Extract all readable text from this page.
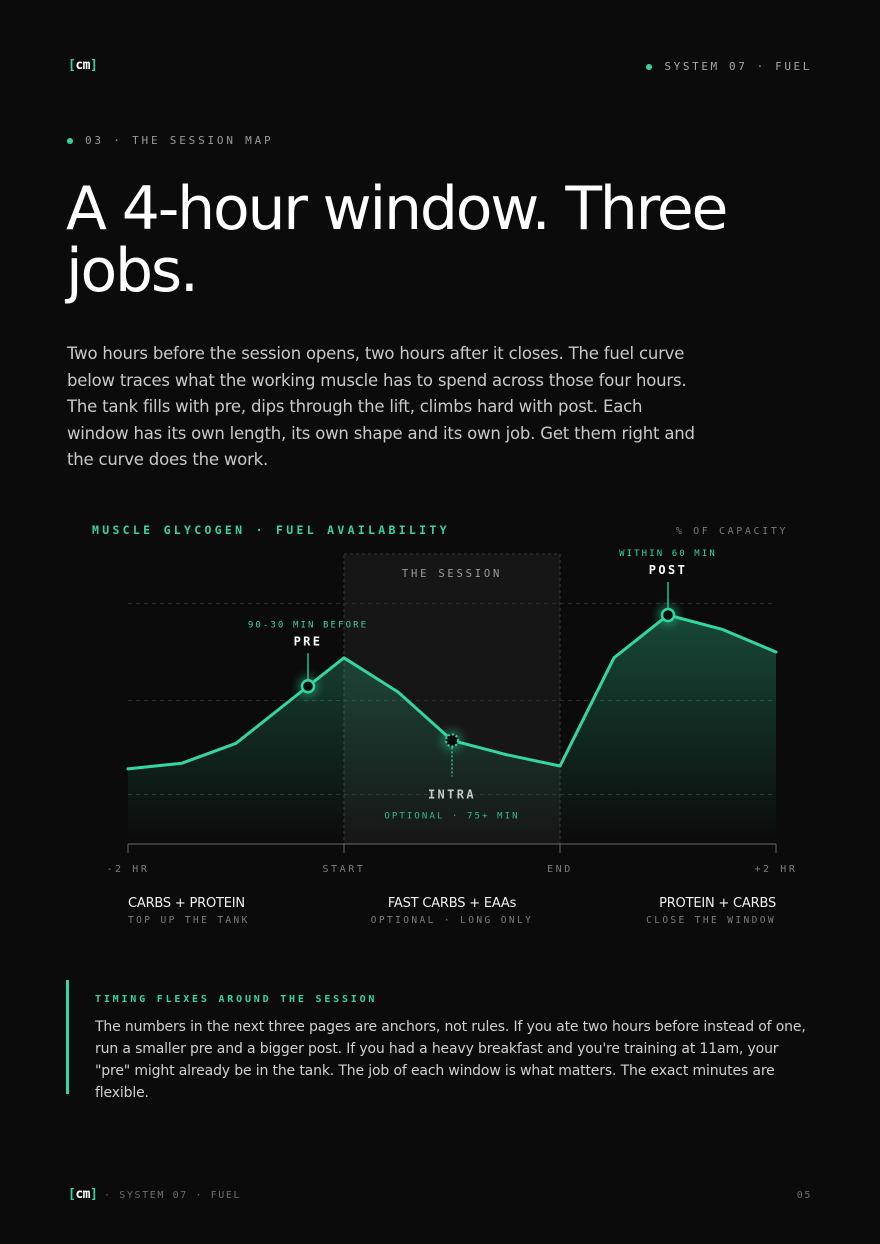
[cm]	SYSTEM 07 · FUEL
03 · THE SESSION MAP
A 4-hour window. Three jobs.

Two hours before the session opens, two hours after it closes. The fuel curve below traces what the working muscle has to spend across those four hours. The tank fills with pre, dips through the lift, climbs hard with post. Each window has its own length, its own shape and its own job. Get them right and the curve does the work.

MUSCLE GLYCOGEN · FUEL AVAILABILITY	% OF CAPACITY
THE SESSION
PRE
90-30 MIN BEFORE
INTRA
OPTIONAL · 75+ MIN
POST
WITHIN 60 MIN
-2 HR	START	END	+2 HR
CARBS + PROTEIN
TOP UP THE TANK
FAST CARBS + EAAs
OPTIONAL · LONG ONLY
PROTEIN + CARBS
CLOSE THE WINDOW
TIMING FLEXES AROUND THE SESSION

The numbers in the next three pages are anchors, not rules. If you ate two hours before instead of one, run a smaller pre and a bigger post. If you had a heavy breakfast and you're training at 11am, your "pre" might already be in the tank. The job of each window is what matters. The exact minutes are flexible.

[cm] · SYSTEM 07 · FUEL	05
